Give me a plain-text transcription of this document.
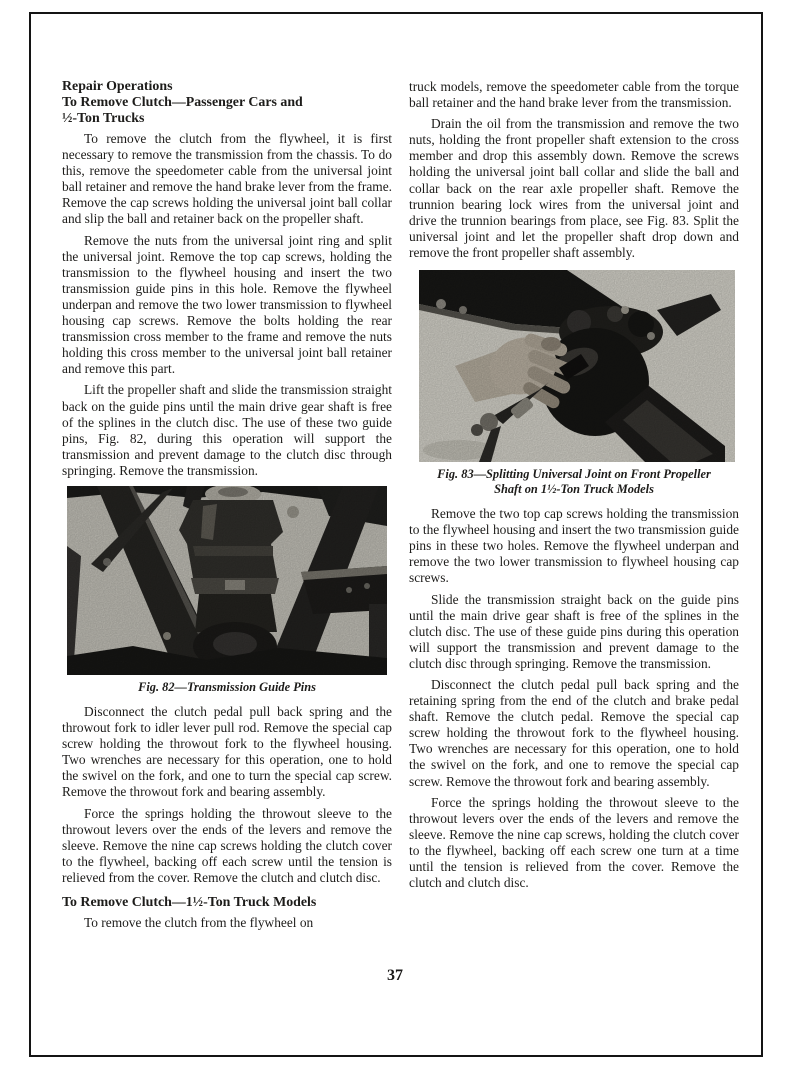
Repair Operations
To Remove Clutch—Passenger Cars and
½-Ton Trucks

To remove the clutch from the flywheel, it is first necessary to remove the transmission from the chassis. To do this, remove the speedometer cable from the universal joint ball retainer and remove the hand brake lever from the frame. Remove the cap screws holding the universal joint ball collar and slip the ball and retainer back on the propeller shaft.

Remove the nuts from the universal joint ring and split the universal joint. Remove the top cap screws, holding the transmission to the flywheel housing and insert the two transmission guide pins in this hole. Remove the flywheel underpan and remove the two lower transmission to flywheel housing cap screws. Remove the bolts holding the rear transmission cross member to the frame and remove the nuts holding this cross member to the universal joint ball retainer and remove this part.

Lift the propeller shaft and slide the transmission straight back on the guide pins until the main drive gear shaft is free of the splines in the clutch disc. The use of these two guide pins, Fig. 82, during this operation will support the transmission and prevent damage to the clutch disc through springing. Remove the transmission.

Fig. 82—Transmission Guide Pins

Disconnect the clutch pedal pull back spring and the throwout fork to idler lever pull rod. Remove the special cap screw holding the throwout fork to the flywheel housing. Two wrenches are necessary for this operation, one to hold the swivel on the fork, and one to turn the special cap screw. Remove the throwout fork and bearing assembly.

Force the springs holding the throwout sleeve to the throwout levers over the ends of the levers and remove the sleeve. Remove the nine cap screws holding the clutch cover to the flywheel, backing off each screw until the tension is relieved from the cover. Remove the clutch and clutch disc.

To Remove Clutch—1½-Ton Truck Models

To remove the clutch from the flywheel on

truck models, remove the speedometer cable from the torque ball retainer and the hand brake lever from the transmission.

Drain the oil from the transmission and remove the two nuts, holding the front propeller shaft extension to the cross member and drop this assembly down. Remove the screws holding the universal joint ball collar and slide the ball and collar back on the rear axle propeller shaft. Remove the trunnion bearing lock wires from the universal joint and drive the trunnion bearings from place, see Fig. 83. Split the universal joint and let the propeller shaft drop down and remove the front propeller shaft assembly.

Fig. 83—Splitting Universal Joint on Front Propeller
Shaft on 1½-Ton Truck Models

Remove the two top cap screws holding the transmission to the flywheel housing and insert the two transmission guide pins in these two holes. Remove the flywheel underpan and remove the two lower transmission to flywheel housing cap screws.

Slide the transmission straight back on the guide pins until the main drive gear shaft is free of the splines in the clutch disc. The use of these guide pins during this operation will support the transmission and prevent damage to the clutch disc through springing. Remove the transmission.

Disconnect the clutch pedal pull back spring and the retaining spring from the end of the clutch and brake pedal shaft. Remove the clutch pedal. Remove the special cap screw holding the throwout fork to the flywheel housing. Two wrenches are necessary for this operation, one to hold the swivel on the fork, and one to remove the special cap screw. Remove the throwout fork and bearing assembly.

Force the springs holding the throwout sleeve to the throwout levers over the ends of the levers and remove the sleeve. Remove the nine cap screws, holding the clutch cover to the flywheel, backing off each screw one turn at a time until the tension is relieved from the cover. Remove the clutch and clutch disc.

37
